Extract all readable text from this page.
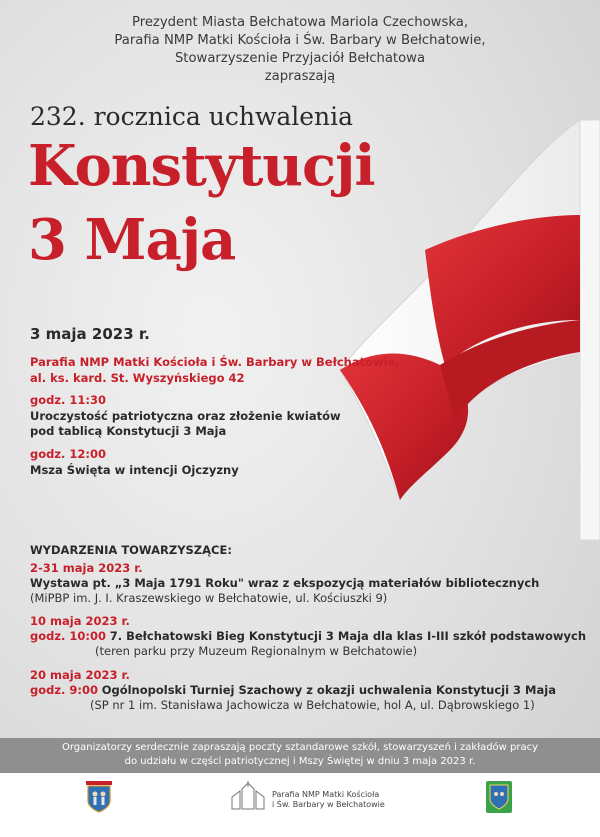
Prezydent Miasta Bełchatowa Mariola Czechowska,
Parafia NMP Matki Kościoła i Św. Barbary w Bełchatowie,
Stowarzyszenie Przyjaciół Bełchatowa
zapraszają
232. rocznica uchwalenia
Konstytucji
3 Maja
3 maja 2023 r.
Parafia NMP Matki Kościoła i Św. Barbary w Bełchatowie,
al. ks. kard. St. Wyszyńskiego 42
godz. 11:30
Uroczystość patriotyczna oraz złożenie kwiatów
pod tablicą Konstytucji 3 Maja
godz. 12:00
Msza Święta w intencji Ojczyzny
WYDARZENIA TOWARZYSZĄCE:
2-31 maja 2023 r.
Wystawa pt. „3 Maja 1791 Roku" wraz z ekspozycją materiałów bibliotecznych
(MiPBP im. J. I. Kraszewskiego w Bełchatowie, ul. Kościuszki 9)
10 maja 2023 r.
godz. 10:00 7. Bełchatowski Bieg Konstytucji 3 Maja dla klas I-III szkół podstawowych
(teren parku przy Muzeum Regionalnym w Bełchatowie)
20 maja 2023 r.
godz. 9:00 Ogólnopolski Turniej Szachowy z okazji uchwalenia Konstytucji 3 Maja
(SP nr 1 im. Stanisława Jachowicza w Bełchatowie, hol A, ul. Dąbrowskiego 1)
Organizatorzy serdecznie zapraszają poczty sztandarowe szkół, stowarzyszeń i zakładów pracy
do udziału w części patriotycznej i Mszy Świętej w dniu 3 maja 2023 r.
Parafia NMP Matki Kościoła
i Św. Barbary w Bełchatowie
